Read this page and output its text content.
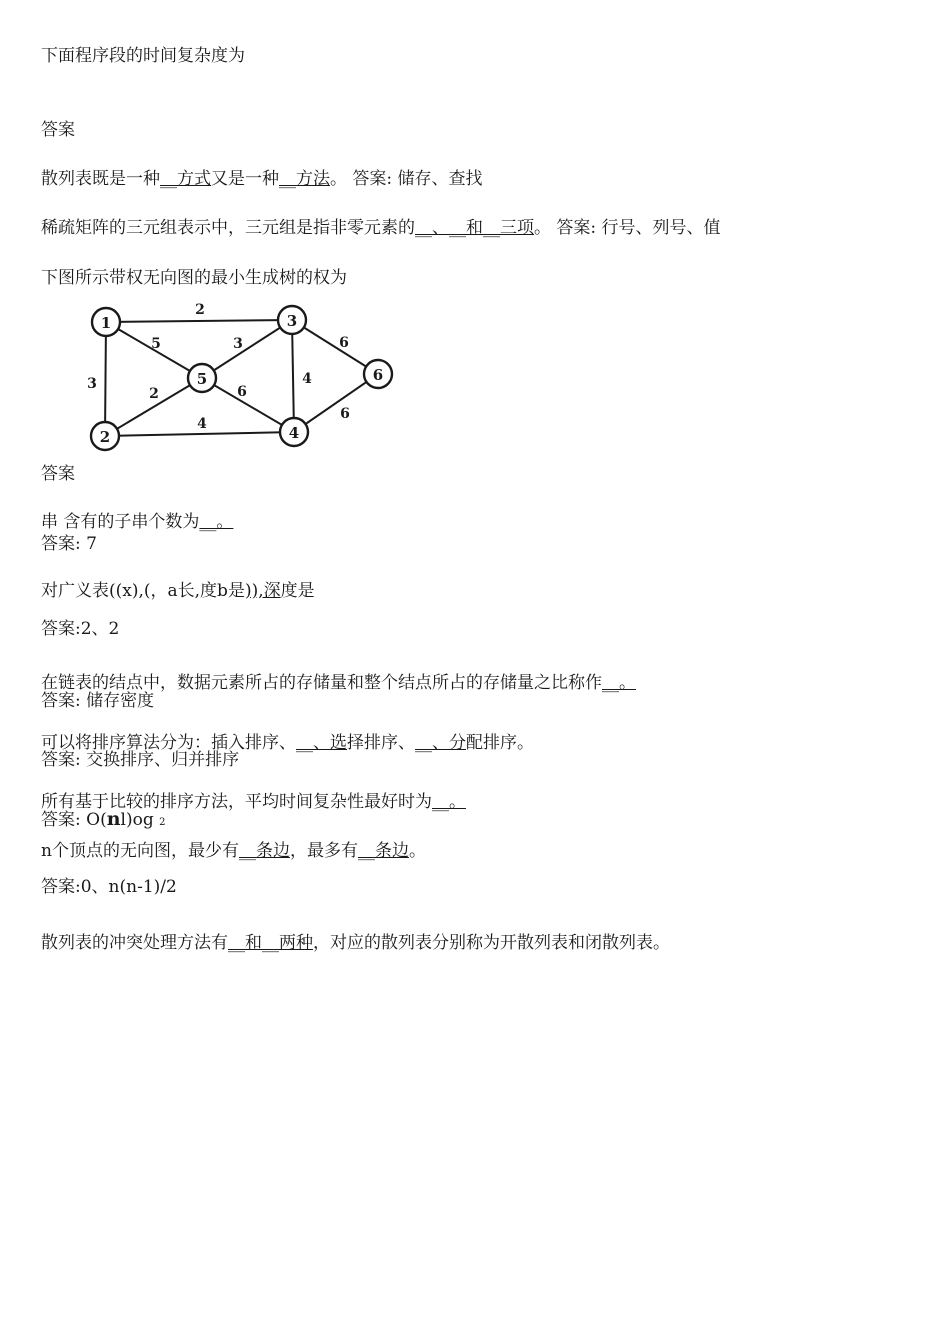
下面程序段的时间复杂度为
答案
散列表既是一种__方式又是一种__方法。 答案: 储存、查找
稀疏矩阵的三元组表示中，三元组是指非零元素的__、__和__三项。 答案: 行号、列号、值
下图所示带权无向图的最小生成树的权为
2
3
5	3
2	6
4
4
6
6
1
2
3
4
5	6
答案
串 含有的子串个数为__。
答案: 7
对广义表((x),(，a长,度b是)),深度是
答案:2、2
在链表的结点中，数据元素所占的存储量和整个结点所占的存储量之比称作__。
答案: 储存密度
可以将排序算法分为：插入排序、__、选择排序、__、分配排序。
答案: 交换排序、归并排序
所有基于比较的排序方法，平均时间复杂性最好时为__。
答案: O(nl)og 2
n个顶点的无向图，最少有__条边，最多有__条边。
答案:0、n(n-1)/2
散列表的冲突处理方法有__和__两种，对应的散列表分别称为开散列表和闭散列表。
